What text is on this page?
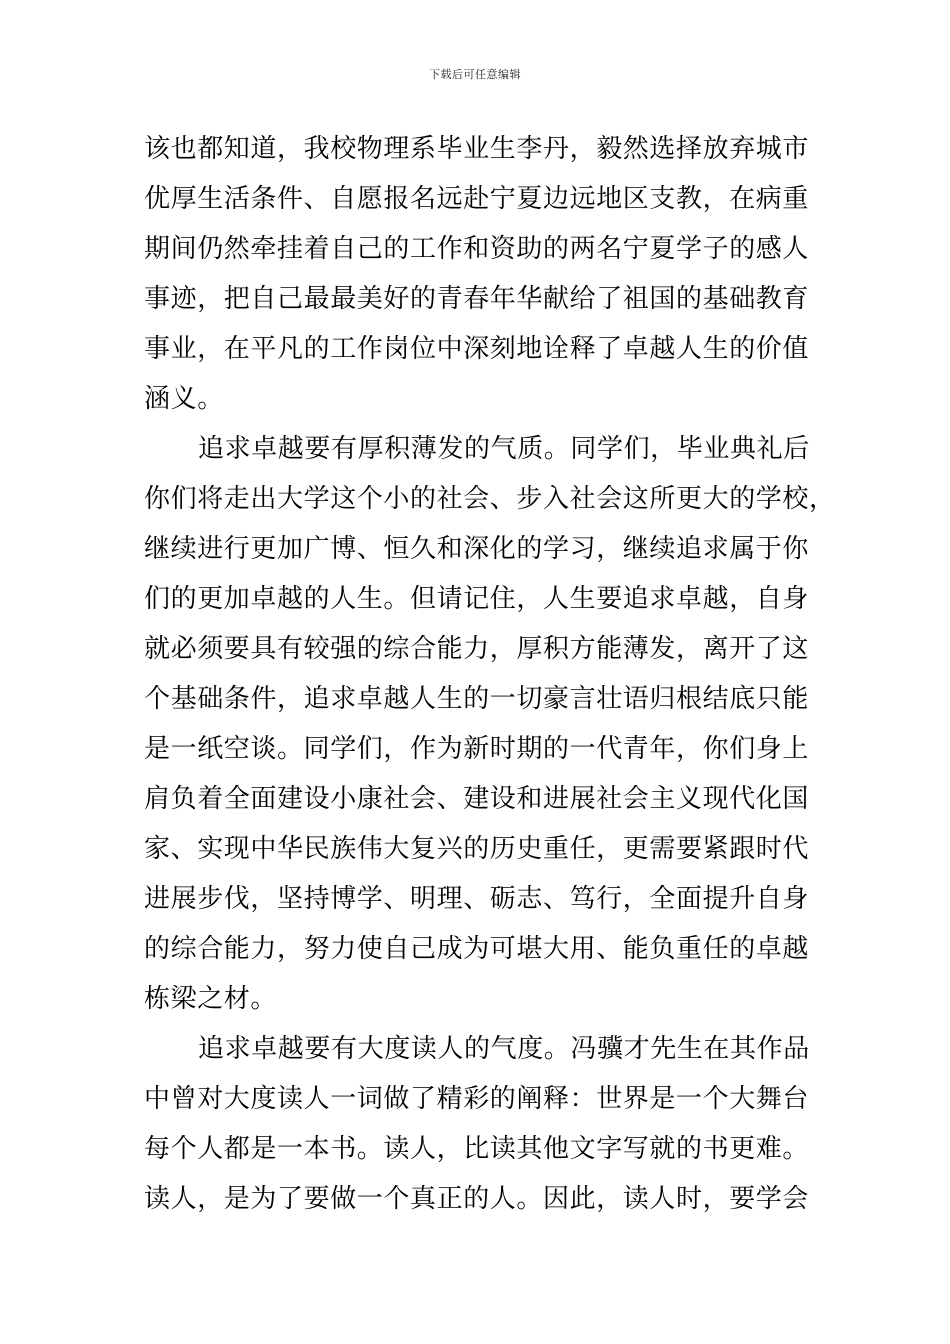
下载后可任意编辑
该也都知道，我校物理系毕业生李丹，毅然选择放弃城市
优厚生活条件、自愿报名远赴宁夏边远地区支教，在病重
期间仍然牵挂着自己的工作和资助的两名宁夏学子的感人
事迹，把自己最最美好的青春年华献给了祖国的基础教育
事业，在平凡的工作岗位中深刻地诠释了卓越人生的价值
涵义。
追求卓越要有厚积薄发的气质。同学们，毕业典礼后
你们将走出大学这个小的社会、步入社会这所更大的学校，
继续进行更加广博、恒久和深化的学习，继续追求属于你
们的更加卓越的人生。但请记住，人生要追求卓越，自身
就必须要具有较强的综合能力，厚积方能薄发，离开了这
个基础条件，追求卓越人生的一切豪言壮语归根结底只能
是一纸空谈。同学们，作为新时期的一代青年，你们身上
肩负着全面建设小康社会、建设和进展社会主义现代化国
家、实现中华民族伟大复兴的历史重任，更需要紧跟时代
进展步伐，坚持博学、明理、砺志、笃行，全面提升自身
的综合能力，努力使自己成为可堪大用、能负重任的卓越
栋梁之材。
追求卓越要有大度读人的气度。冯骥才先生在其作品
中曾对大度读人一词做了精彩的阐释：世界是一个大舞台
每个人都是一本书。读人，比读其他文字写就的书更难。
读人，是为了要做一个真正的人。因此，读人时，要学会
